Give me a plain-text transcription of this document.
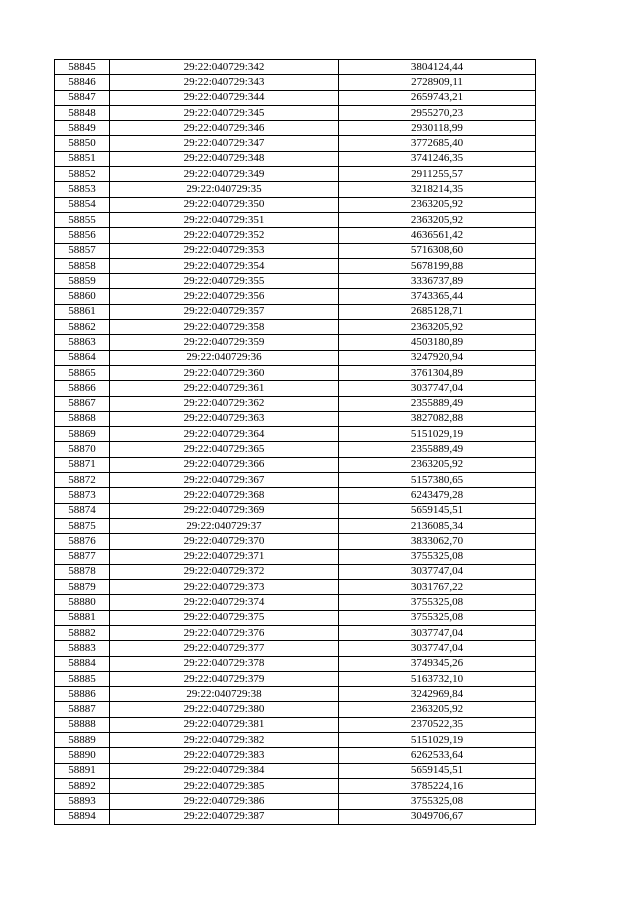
58845	29:22:040729:342	3804124,44
58846	29:22:040729:343	2728909,11
58847	29:22:040729:344	2659743,21
58848	29:22:040729:345	2955270,23
58849	29:22:040729:346	2930118,99
58850	29:22:040729:347	3772685,40
58851	29:22:040729:348	3741246,35
58852	29:22:040729:349	2911255,57
58853	29:22:040729:35	3218214,35
58854	29:22:040729:350	2363205,92
58855	29:22:040729:351	2363205,92
58856	29:22:040729:352	4636561,42
58857	29:22:040729:353	5716308,60
58858	29:22:040729:354	5678199,88
58859	29:22:040729:355	3336737,89
58860	29:22:040729:356	3743365,44
58861	29:22:040729:357	2685128,71
58862	29:22:040729:358	2363205,92
58863	29:22:040729:359	4503180,89
58864	29:22:040729:36	3247920,94
58865	29:22:040729:360	3761304,89
58866	29:22:040729:361	3037747,04
58867	29:22:040729:362	2355889,49
58868	29:22:040729:363	3827082,88
58869	29:22:040729:364	5151029,19
58870	29:22:040729:365	2355889,49
58871	29:22:040729:366	2363205,92
58872	29:22:040729:367	5157380,65
58873	29:22:040729:368	6243479,28
58874	29:22:040729:369	5659145,51
58875	29:22:040729:37	2136085,34
58876	29:22:040729:370	3833062,70
58877	29:22:040729:371	3755325,08
58878	29:22:040729:372	3037747,04
58879	29:22:040729:373	3031767,22
58880	29:22:040729:374	3755325,08
58881	29:22:040729:375	3755325,08
58882	29:22:040729:376	3037747,04
58883	29:22:040729:377	3037747,04
58884	29:22:040729:378	3749345,26
58885	29:22:040729:379	5163732,10
58886	29:22:040729:38	3242969,84
58887	29:22:040729:380	2363205,92
58888	29:22:040729:381	2370522,35
58889	29:22:040729:382	5151029,19
58890	29:22:040729:383	6262533,64
58891	29:22:040729:384	5659145,51
58892	29:22:040729:385	3785224,16
58893	29:22:040729:386	3755325,08
58894	29:22:040729:387	3049706,67
